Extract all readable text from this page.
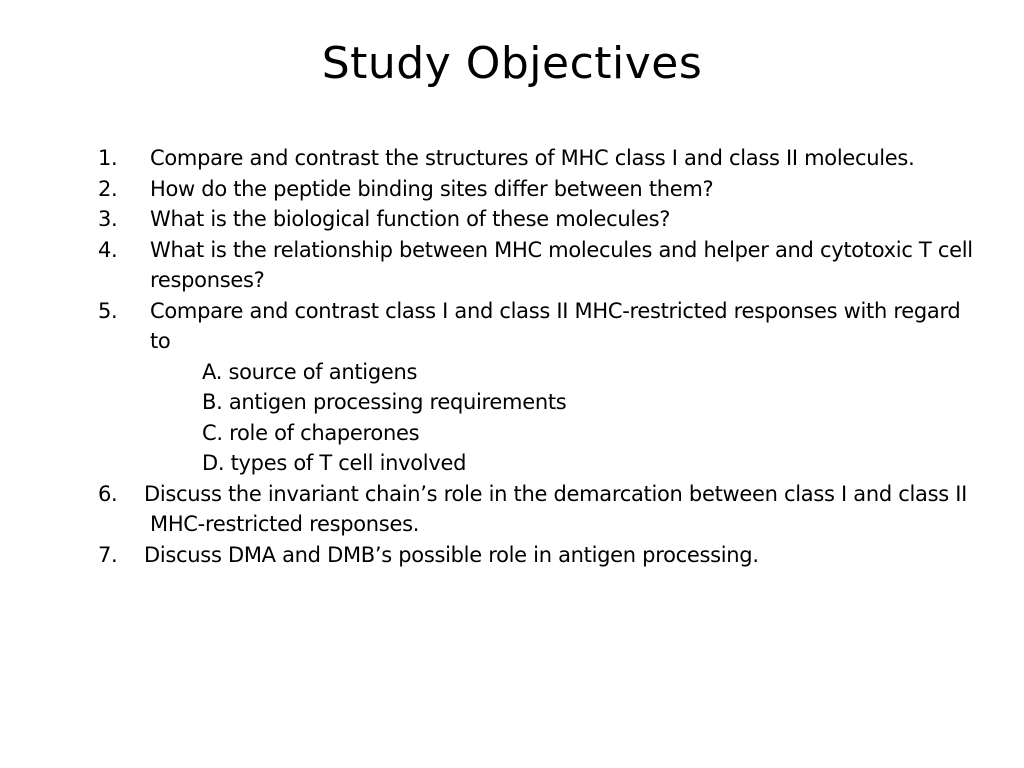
Study Objectives
1. Compare and contrast the structures of MHC class I and class II molecules.
2. How do the peptide binding sites differ between them?
3. What is the biological function of these molecules?
4. What is the relationship between MHC molecules and helper and cytotoxic T cell responses?
5. Compare and contrast class I and class II MHC-restricted responses with regard to
A. source of antigens
B. antigen processing requirements
C. role of chaperones
D. types of T cell involved
6.	Discuss the invariant chain’s role in the demarcation between class I and class II MHC-restricted responses.
7.	Discuss DMA and DMB’s possible role in antigen processing.
